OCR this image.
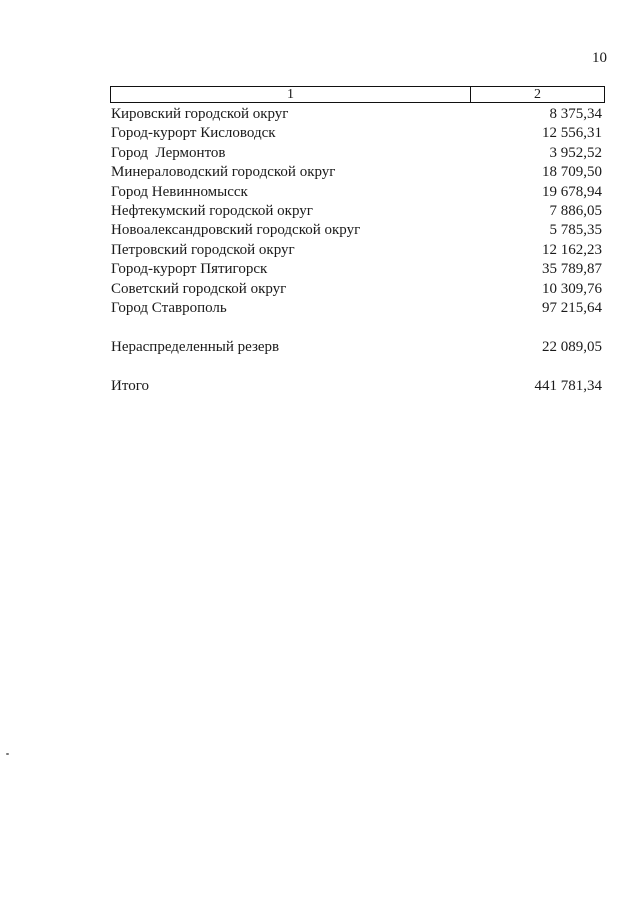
10
1	2
Кировский городской округ	8 375,34
Город-курорт Кисловодск	12 556,31
Город  Лермонтов	3 952,52
Минераловодский городской округ	18 709,50
Город Невинномысск	19 678,94
Нефтекумский городской округ	7 886,05
Новоалександровский городской округ	5 785,35
Петровский городской округ	12 162,23
Город-курорт Пятигорск	35 789,87
Советский городской округ	10 309,76
Город Ставрополь	97 215,64
Нераспределенный резерв	22 089,05
Итого	441 781,34
